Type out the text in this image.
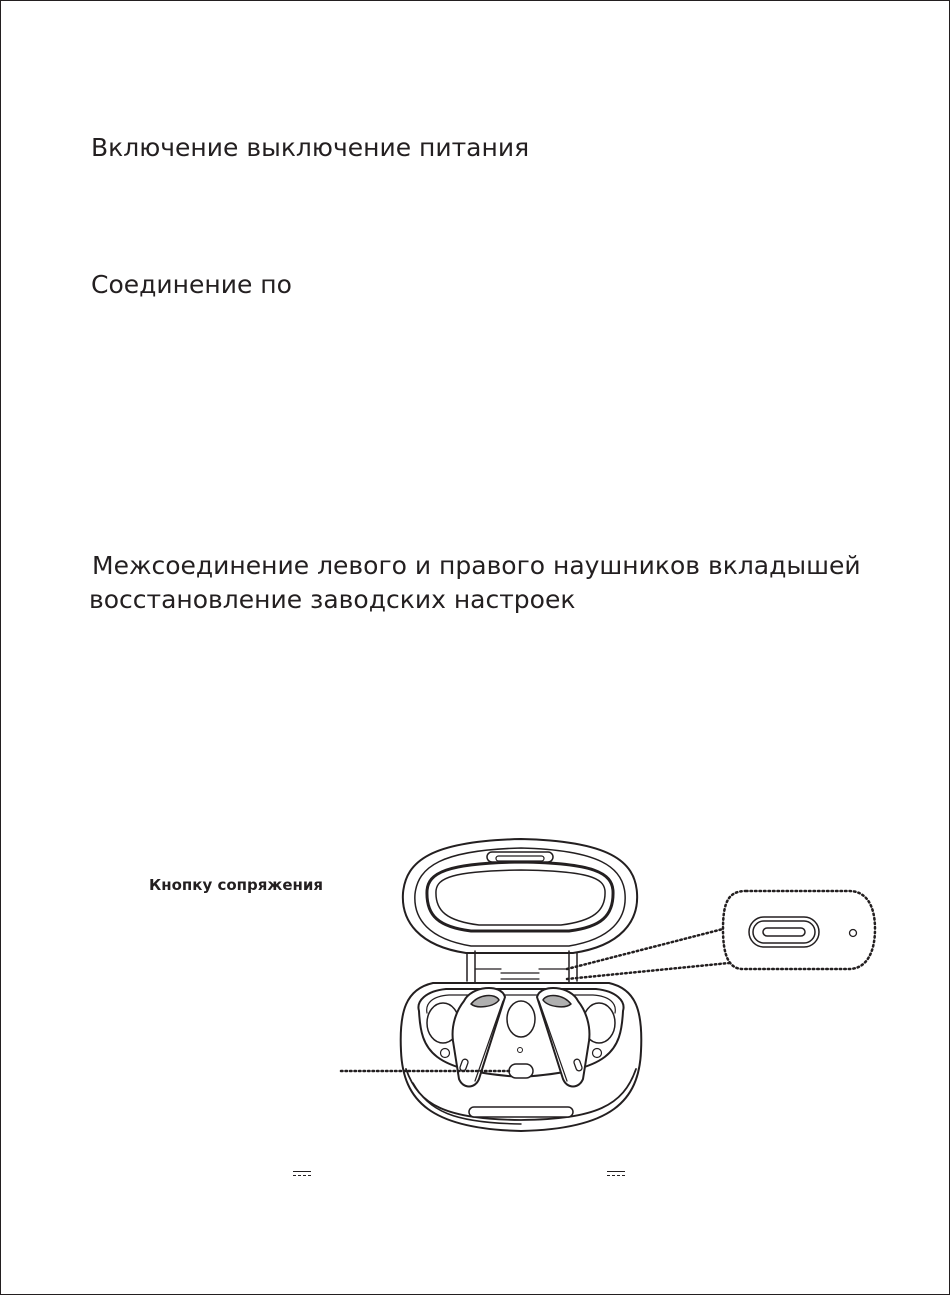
Включение выключение питания
Соединение по
Межсоединение левого и правого наушников вкладышей
восстановление заводских настроек
Кнопку сопряжения
